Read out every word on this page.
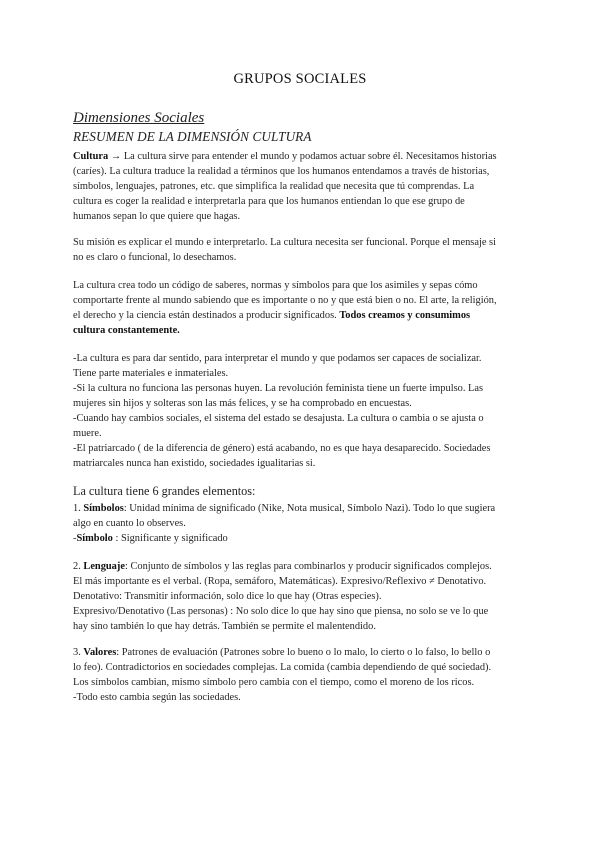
GRUPOS SOCIALES
Dimensiones Sociales
RESUMEN DE LA DIMENSIÓN CULTURA
Cultura → La cultura sirve para entender el mundo y podamos actuar sobre él. Necesitamos historias
(caríes). La cultura traduce la realidad a términos que los humanos entendamos a través de historias,
símbolos, lenguajes, patrones, etc. que simplifica la realidad que necesita que tú comprendas. La
cultura es coger la realidad e interpretarla para que los humanos entiendan lo que ese grupo de
humanos sepan lo que quiere que hagas.
Su misión es explicar el mundo e interpretarlo. La cultura necesita ser funcional. Porque el mensaje si
no es claro o funcional, lo desechamos.
La cultura crea todo un código de saberes, normas y símbolos para que los asimiles y sepas cómo
comportarte frente al mundo sabiendo que es importante o no y que está bien o no. El arte, la religión,
el derecho y la ciencia están destinados a producir significados. Todos creamos y consumimos
cultura constantemente.
-La cultura es para dar sentido, para interpretar el mundo y que podamos ser capaces de socializar.
Tiene parte materiales e inmateriales.
-Si la cultura no funciona las personas huyen. La revolución feminista tiene un fuerte impulso. Las
mujeres sin hijos y solteras son las más felices, y se ha comprobado en encuestas.
-Cuando hay cambios sociales, el sistema del estado se desajusta. La cultura o cambia o se ajusta o
muere.
-El patriarcado ( de la diferencia de género) está acabando, no es que haya desaparecido. Sociedades
matriarcales nunca han existido, sociedades igualitarias si.
La cultura tiene 6 grandes elementos:
1. Símbolos: Unidad mínima de significado (Nike, Nota musical, Símbolo Nazi). Todo lo que sugiera
algo en cuanto lo observes.
-Símbolo : Significante y significado
2. Lenguaje: Conjunto de símbolos y las reglas para combinarlos y producir significados complejos.
El más importante es el verbal. (Ropa, semáforo, Matemáticas). Expresivo/Reflexivo ≠ Denotativo.
Denotativo: Transmitir información, solo dice lo que hay (Otras especies).
Expresivo/Denotativo (Las personas) : No solo dice lo que hay sino que piensa, no solo se ve lo que
hay sino también lo que hay detrás. También se permite el malentendido.
3. Valores: Patrones de evaluación (Patrones sobre lo bueno o lo malo, lo cierto o lo falso, lo bello o
lo feo). Contradictorios en sociedades complejas. La comida (cambia dependiendo de qué sociedad).
Los símbolos cambian, mismo símbolo pero cambia con el tiempo, como el moreno de los ricos.
-Todo esto cambia según las sociedades.
